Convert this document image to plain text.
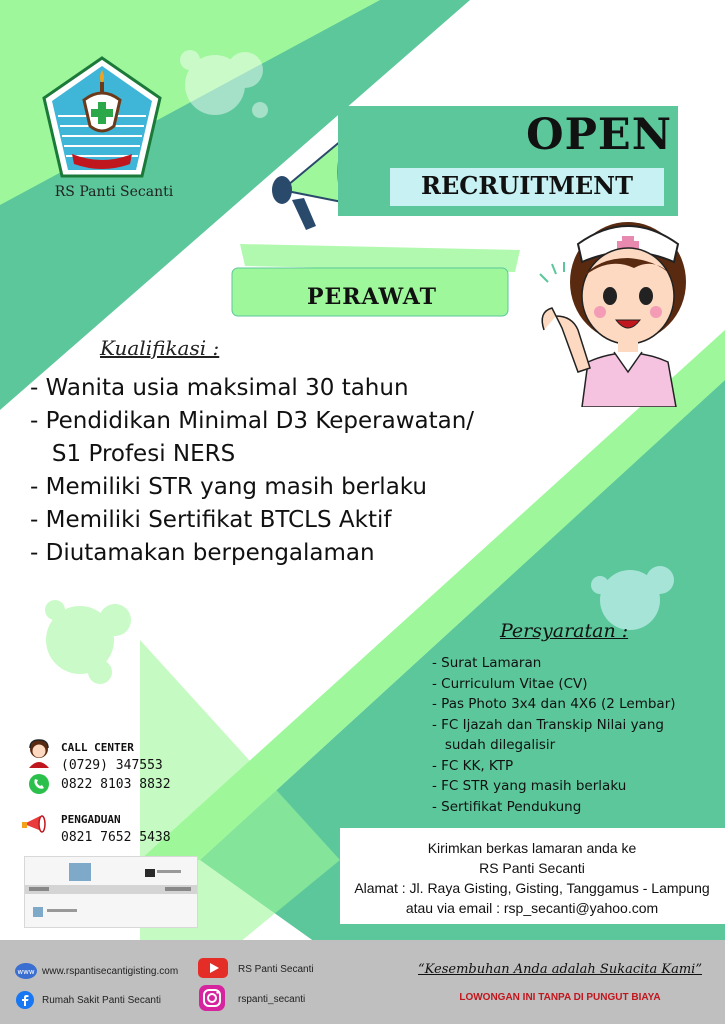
RS Panti Secanti
OPEN
RECRUITMENT
PERAWAT
Kualifikasi :
- Wanita usia maksimal 30 tahun
- Pendidikan Minimal D3 Keperawatan/
S1 Profesi NERS
- Memiliki STR yang masih berlaku
- Memiliki Sertifikat BTCLS Aktif
- Diutamakan berpengalaman
Persyaratan :
- Surat Lamaran
- Curriculum Vitae (CV)
- Pas Photo 3x4 dan 4X6 (2 Lembar)
- FC Ijazah dan Transkip Nilai yang
sudah dilegalisir
- FC KK, KTP
- FC STR yang masih berlaku
- Sertifikat Pendukung
CALL CENTER
(0729) 347553
0822 8103 8832
PENGADUAN
0821 7652 5438
Kirimkan berkas lamaran anda ke
RS Panti Secanti
Alamat : Jl. Raya Gisting, Gisting, Tanggamus - Lampung
atau via email : rsp_secanti@yahoo.com
www www.rspantisecantigisting.com
Rumah Sakit Panti Secanti
RS Panti Secanti
rspanti_secanti
“Kesembuhan Anda adalah Sukacita Kami”
LOWONGAN INI TANPA DI PUNGUT BIAYA
